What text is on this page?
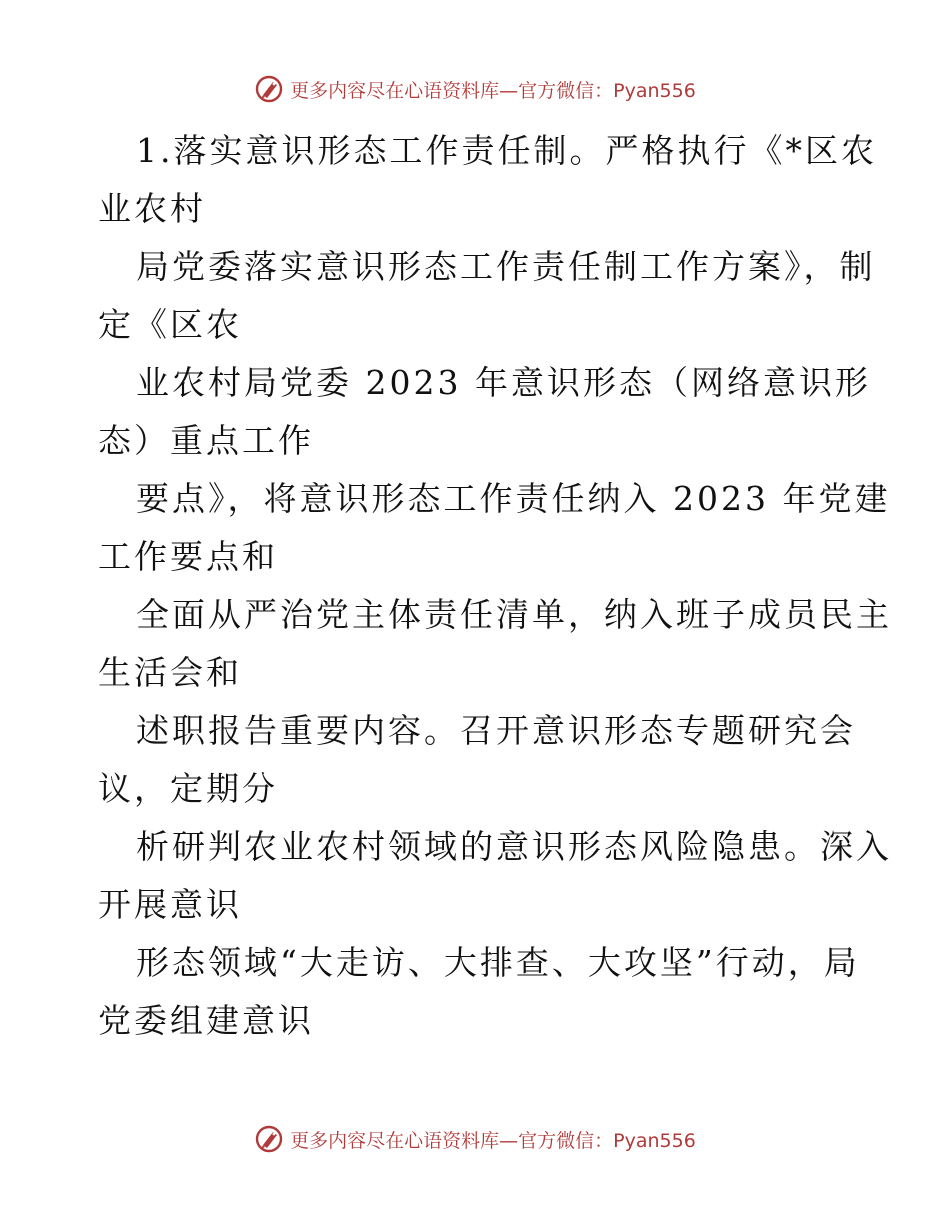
更多内容尽在心语资料库—官方微信：Pyan556
1.落实意识形态工作责任制。严格执行《*区农
业农村
局党委落实意识形态工作责任制工作方案》，制
定《区农
业农村局党委 2023 年意识形态（网络意识形
态）重点工作
要点》，将意识形态工作责任纳入 2023 年党建
工作要点和
全面从严治党主体责任清单，纳入班子成员民主
生活会和
述职报告重要内容。召开意识形态专题研究会
议，定期分
析研判农业农村领域的意识形态风险隐患。深入
开展意识
形态领域“大走访、大排查、大攻坚”行动，局
党委组建意识
更多内容尽在心语资料库—官方微信：Pyan556
